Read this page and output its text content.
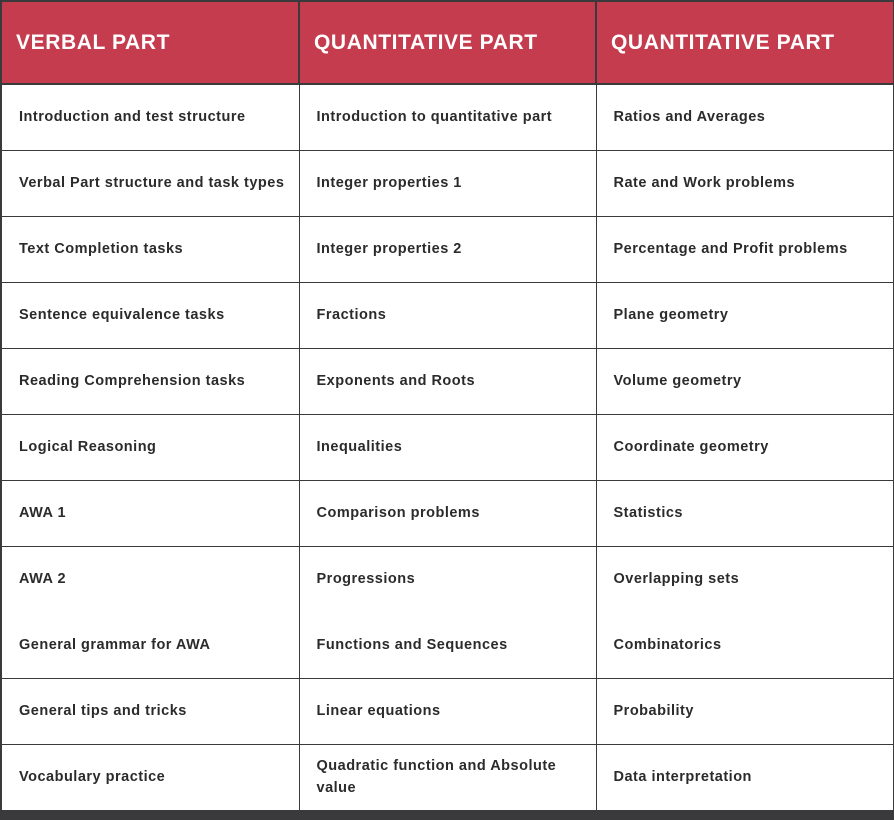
VERBAL PART	QUANTITATIVE PART	QUANTITATIVE PART
Introduction and test structure	Introduction to quantitative part	Ratios and Averages
Verbal Part structure and task types	Integer properties 1	Rate and Work problems
Text Completion tasks	Integer properties 2	Percentage and Profit problems
Sentence equivalence tasks	Fractions	Plane geometry
Reading Comprehension tasks	Exponents and Roots	Volume geometry
Logical Reasoning	Inequalities	Coordinate geometry
AWA 1	Comparison problems	Statistics
AWA 2	Progressions	Overlapping sets
General grammar for AWA	Functions and Sequences	Combinatorics
General tips and tricks	Linear equations	Probability
Vocabulary practice	Quadratic function and Absolute value	Data interpretation
